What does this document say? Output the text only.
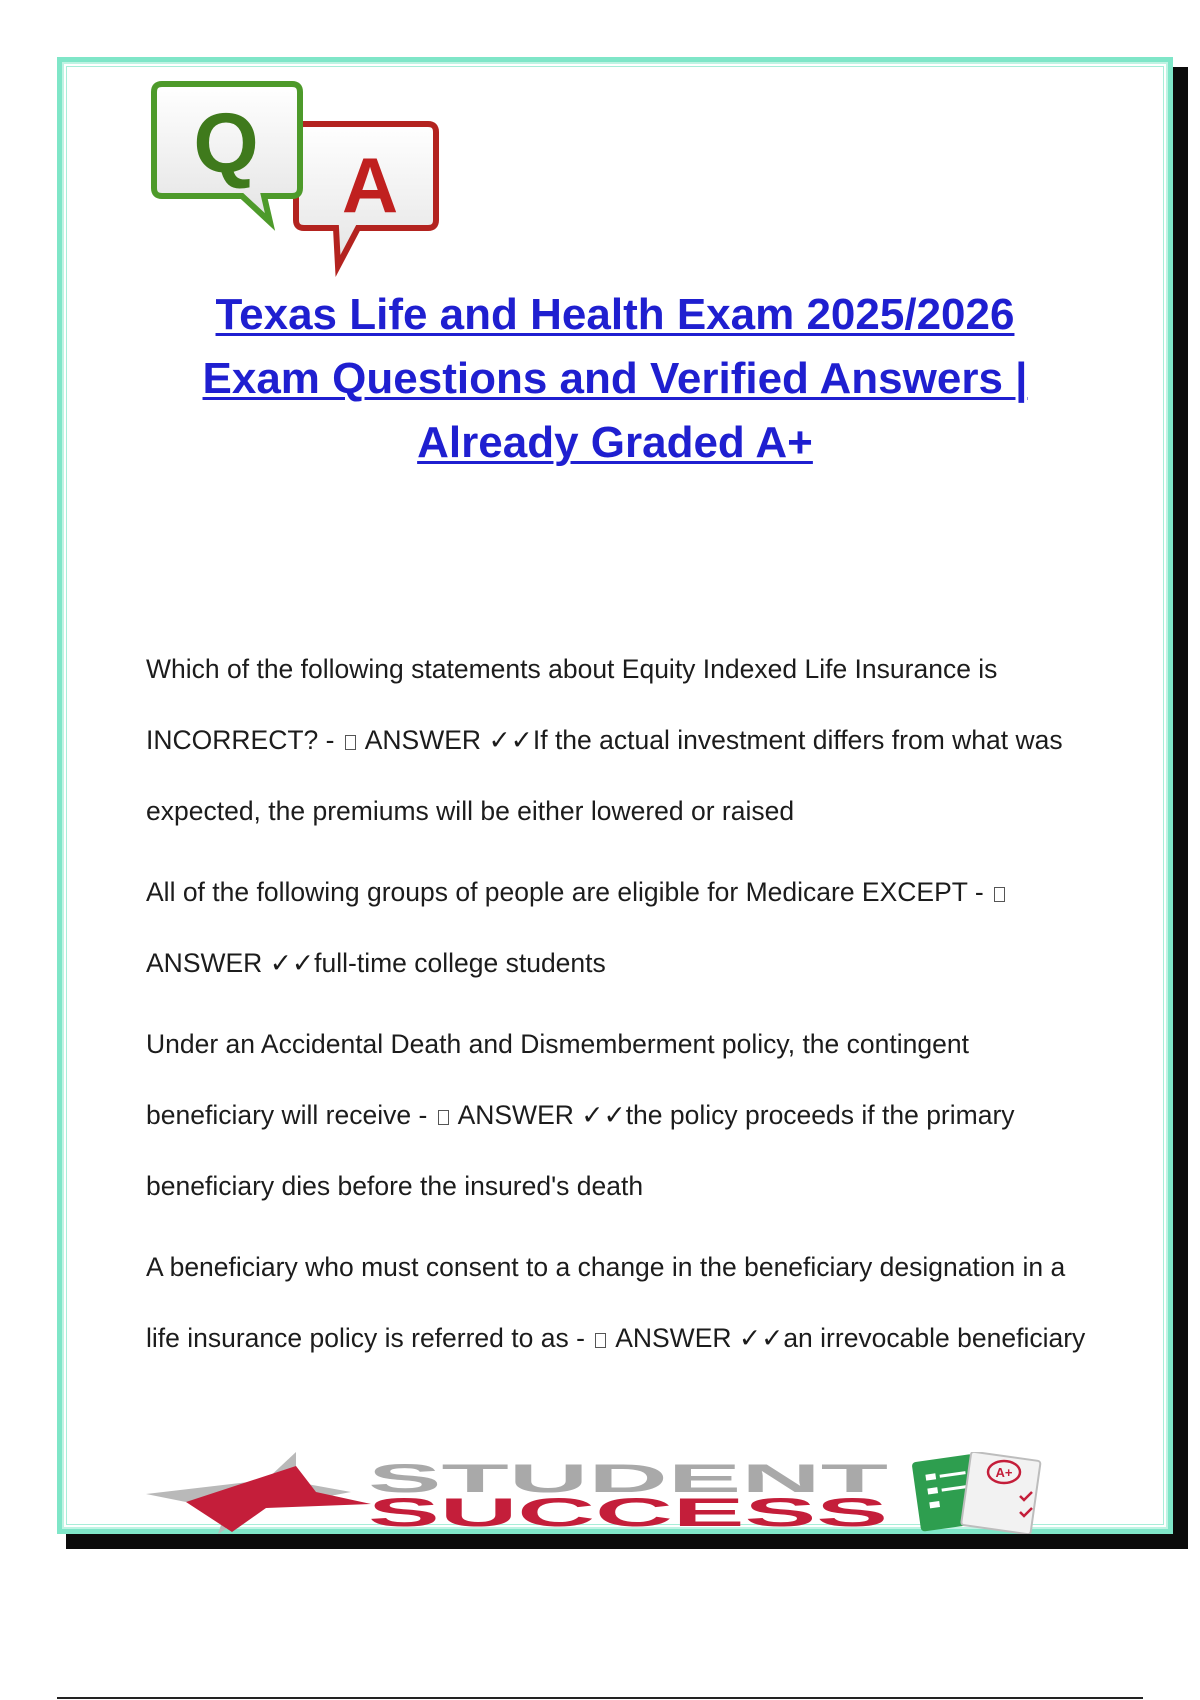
A
Q
Texas Life and Health Exam 2025/2026
Exam Questions and Verified Answers |
Already Graded A+

Which of the following statements about Equity Indexed Life Insurance is INCORRECT? -  ANSWER ✓✓If the actual investment differs from what was expected, the premiums will be either lowered or raised

All of the following groups of people are eligible for Medicare EXCEPT -  ANSWER ✓✓full-time college students

Under an Accidental Death and Dismemberment policy, the contingent beneficiary will receive -  ANSWER ✓✓the policy proceeds if the primary beneficiary dies before the insured's death

A beneficiary who must consent to a change in the beneficiary designation in a life insurance policy is referred to as -  ANSWER ✓✓an irrevocable beneficiary

STUDENT
SUCCESS
A+
